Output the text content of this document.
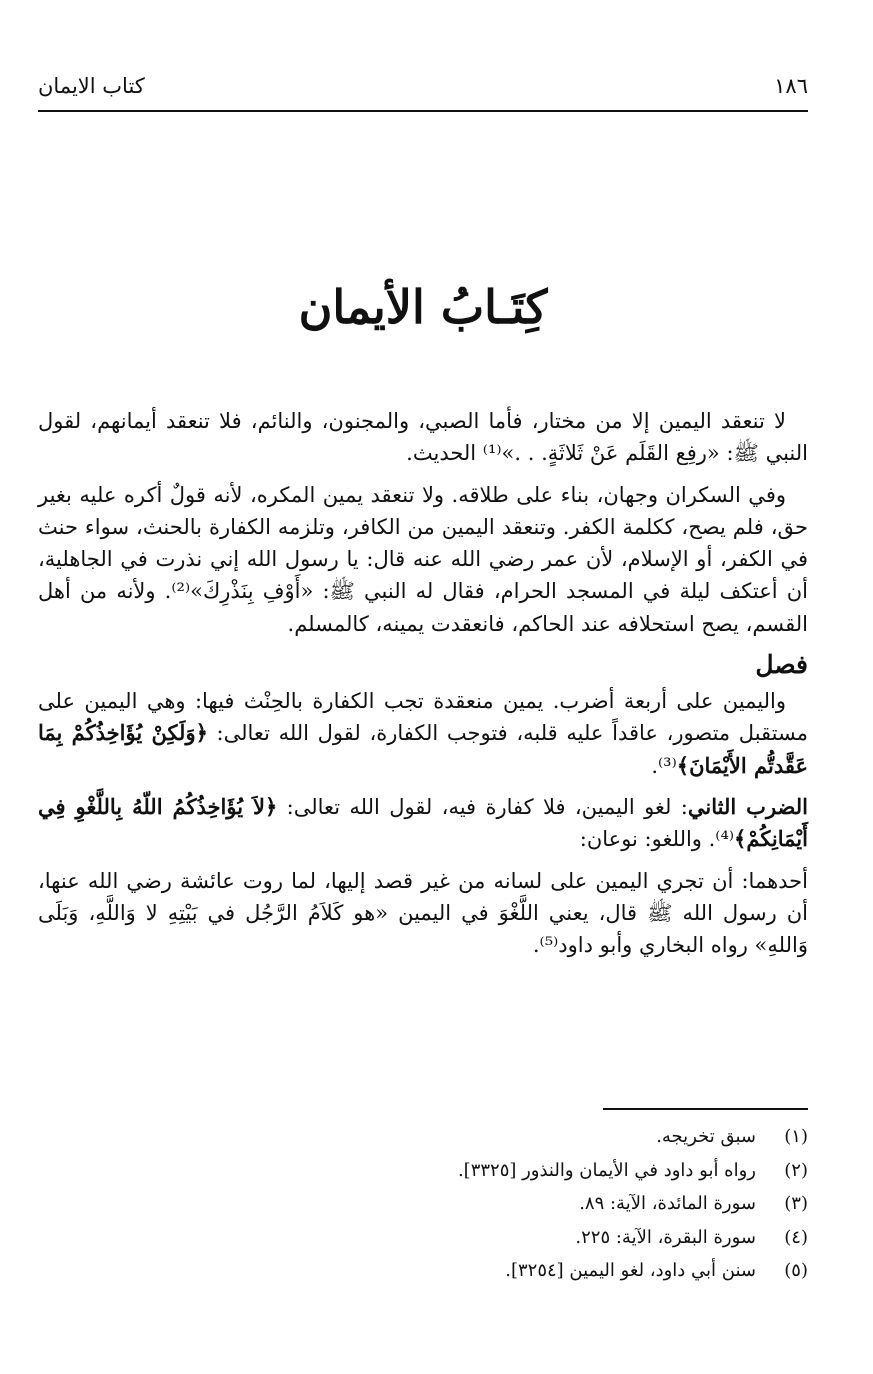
١٨٦
كتاب الايمان
كِتَـابُ الأيمان

لا تنعقد اليمين إلا من مختار، فأما الصبي، والمجنون، والنائم، فلا تنعقد أيمانهم، لقول النبي ﷺ: «رفِع القَلَم عَنْ ثَلاثَةٍ. . .»⁽¹⁾ الحديث.

وفي السكران وجهان، بناء على طلاقه. ولا تنعقد يمين المكره، لأنه قولٌ أكره عليه بغير حق، فلم يصح، ككلمة الكفر. وتنعقد اليمين من الكافر، وتلزمه الكفارة بالحنث، سواء حنث في الكفر، أو الإسلام، لأن عمر رضي الله عنه قال: يا رسول الله إني نذرت في الجاهلية، أن أعتكف ليلة في المسجد الحرام، فقال له النبي ﷺ: «أَوْفِ بِنَذْرِكَ»⁽²⁾. ولأنه من أهل القسم، يصح استحلافه عند الحاكم، فانعقدت يمينه، كالمسلم.

فصل

واليمين على أربعة أضرب. يمين منعقدة تجب الكفارة بالحِنْث فيها: وهي اليمين على مستقبل متصور، عاقداً عليه قلبه، فتوجب الكفارة، لقول الله تعالى: ﴿وَلَكِنْ يُؤَاخِذُكُمْ بِمَا عَقَّدتُّم الأَيْمَانَ﴾⁽³⁾.

الضرب الثاني: لغو اليمين، فلا كفارة فيه، لقول الله تعالى: ﴿لاَ يُؤَاخِذُكُمُ اللّهُ بِاللَّغْوِ فِي أَيْمَانِكُمْ﴾⁽⁴⁾. واللغو: نوعان:

أحدهما: أن تجري اليمين على لسانه من غير قصد إليها، لما روت عائشة رضي الله عنها، أن رسول الله ﷺ قال، يعني اللَّغْوَ في اليمين «هو كَلاَمُ الرَّجُل في بَيْتِهِ لا وَاللَّهِ، وَبَلَى وَاللهِ» رواه البخاري وأبو داود⁽⁵⁾.

(١)
سبق تخريجه.
(٢)
رواه أبو داود في الأيمان والنذور [٣٣٢٥].
(٣)
سورة المائدة، الآية: ٨٩.
(٤)
سورة البقرة، الآية: ٢٢٥.
(٥)
سنن أبي داود، لغو اليمين [٣٢٥٤].
